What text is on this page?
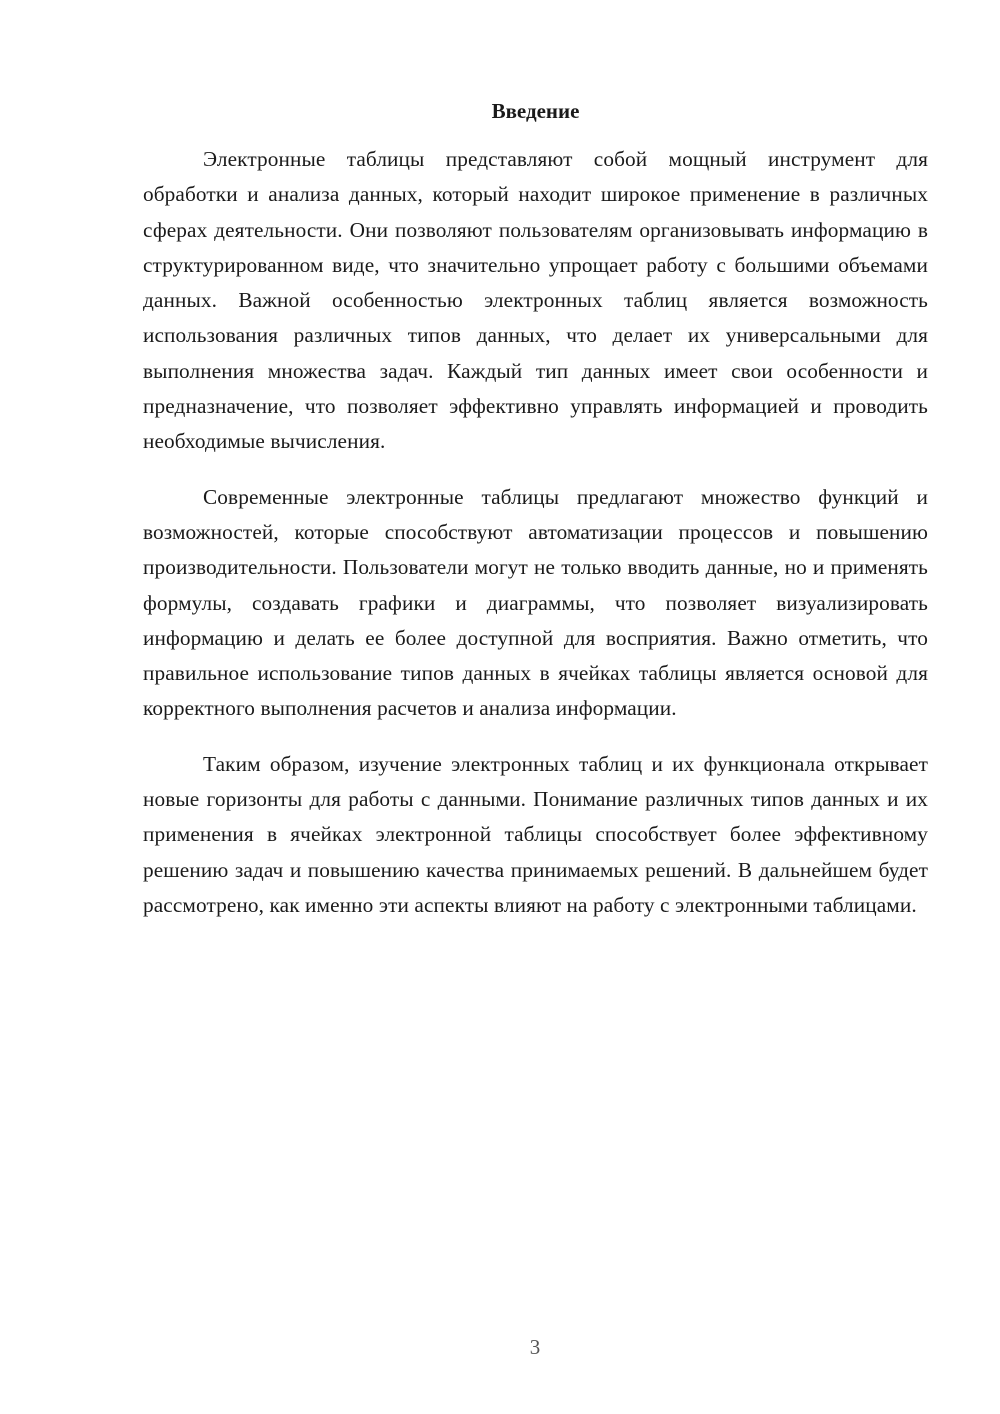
Введение

Электронные таблицы представляют собой мощный инструмент для обработки и анализа данных, который находит широкое применение в различных сферах деятельности. Они позволяют пользователям организовывать информацию в структурированном виде, что значительно упрощает работу с большими объемами данных. Важной особенностью электронных таблиц является возможность использования различных типов данных, что делает их универсальными для выполнения множества задач. Каждый тип данных имеет свои особенности и предназначение, что позволяет эффективно управлять информацией и проводить необходимые вычисления.

Современные электронные таблицы предлагают множество функций и возможностей, которые способствуют автоматизации процессов и повышению производительности. Пользователи могут не только вводить данные, но и применять формулы, создавать графики и диаграммы, что позволяет визуализировать информацию и делать ее более доступной для восприятия. Важно отметить, что правильное использование типов данных в ячейках таблицы является основой для корректного выполнения расчетов и анализа информации.

Таким образом, изучение электронных таблиц и их функционала открывает новые горизонты для работы с данными. Понимание различных типов данных и их применения в ячейках электронной таблицы способствует более эффективному решению задач и повышению качества принимаемых решений. В дальнейшем будет рассмотрено, как именно эти аспекты влияют на работу с электронными таблицами.

3
